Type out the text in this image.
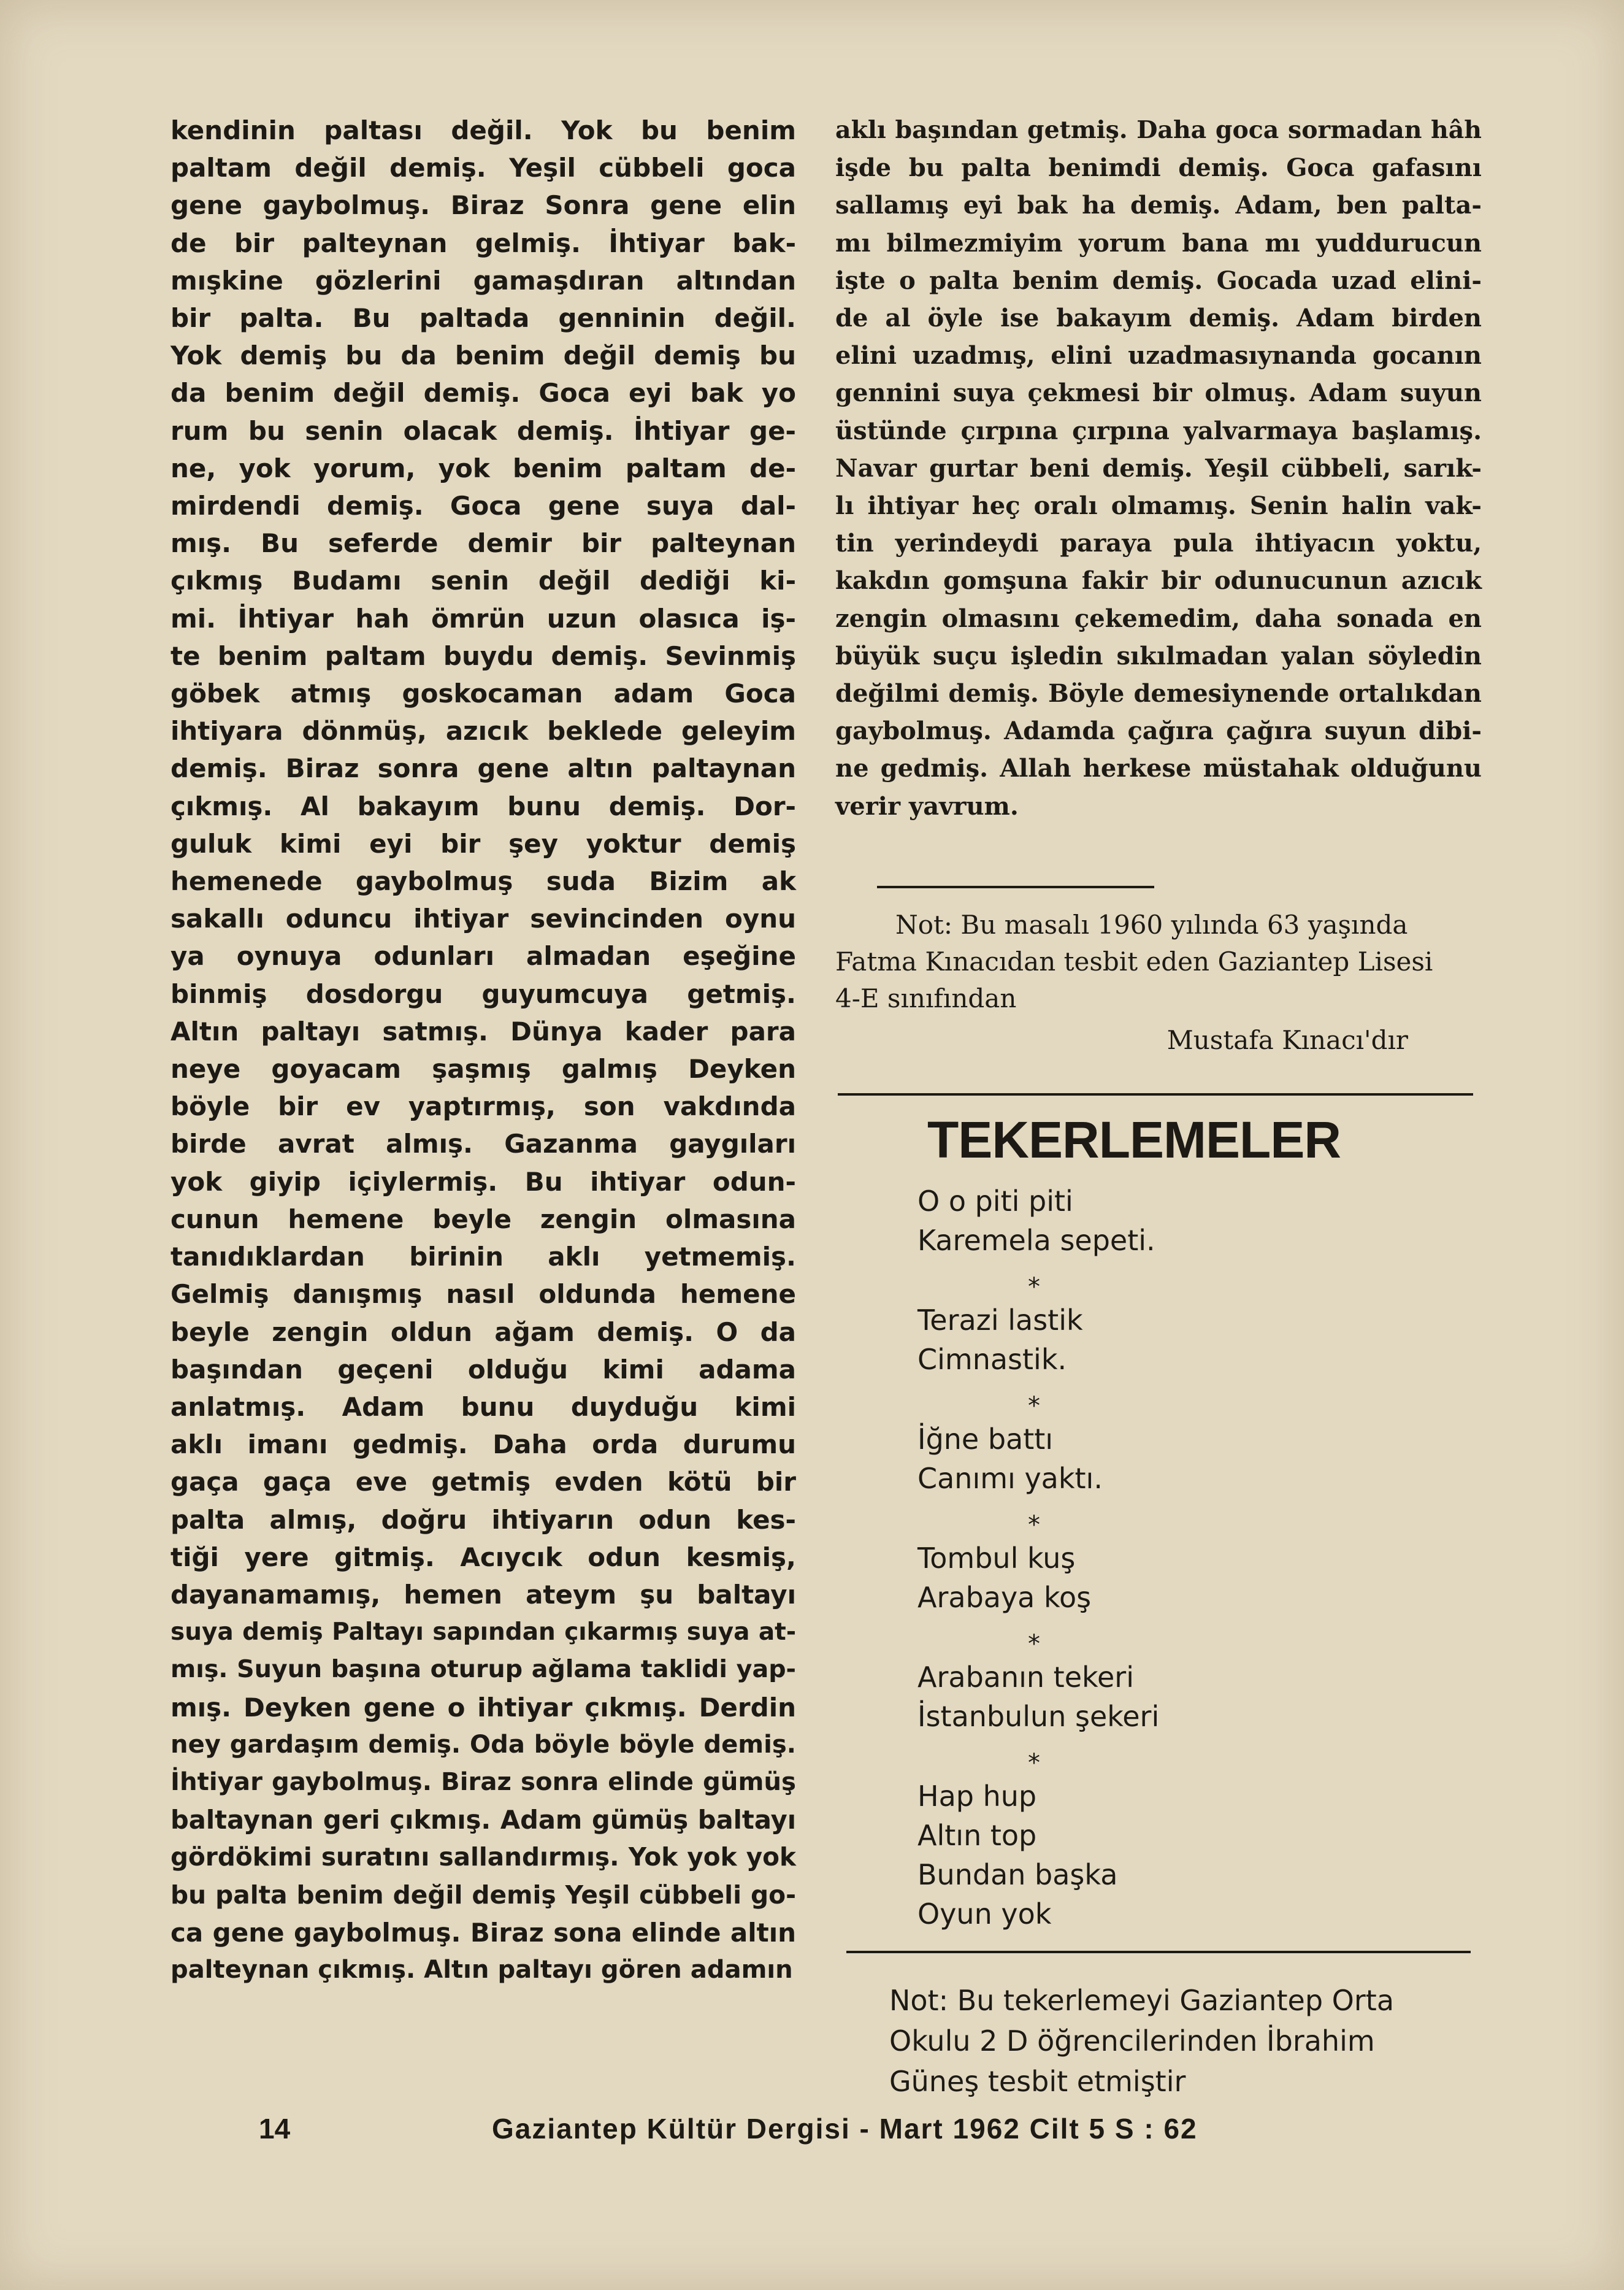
kendinin paltası değil. Yok bu benim
paltam değil demiş. Yeşil cübbeli goca
gene gaybolmuş. Biraz Sonra gene elin
de bir palteynan gelmiş. İhtiyar bak-
mışkine gözlerini gamaşdıran altından
bir palta. Bu paltada genninin değil.
Yok demiş bu da benim değil demiş bu
da benim değil demiş. Goca eyi bak yo
rum bu senin olacak demiş. İhtiyar ge-
ne, yok yorum, yok benim paltam de-
mirdendi demiş. Goca gene suya dal-
mış. Bu seferde demir bir palteynan
çıkmış Budamı senin değil dediği ki-
mi. İhtiyar hah ömrün uzun olasıca iş-
te benim paltam buydu demiş. Sevinmiş
göbek atmış goskocaman adam Goca
ihtiyara dönmüş, azıcık beklede geleyim
demiş. Biraz sonra gene altın paltaynan
çıkmış. Al bakayım bunu demiş. Dor-
guluk kimi eyi bir şey yoktur demiş
hemenede gaybolmuş suda Bizim ak
sakallı oduncu ihtiyar sevincinden oynu
ya oynuya odunları almadan eşeğine
binmiş dosdorgu guyumcuya getmiş.
Altın paltayı satmış. Dünya kader para
neye goyacam şaşmış galmış Deyken
böyle bir ev yaptırmış, son vakdında
birde avrat almış. Gazanma gaygıları
yok giyip içiylermiş. Bu ihtiyar odun-
cunun hemene beyle zengin olmasına
tanıdıklardan birinin aklı yetmemiş.
Gelmiş danışmış nasıl oldunda hemene
beyle zengin oldun ağam demiş. O da
başından geçeni olduğu kimi adama
anlatmış. Adam bunu duyduğu kimi
aklı imanı gedmiş. Daha orda durumu
gaça gaça eve getmiş evden kötü bir
palta almış, doğru ihtiyarın odun kes-
tiği yere gitmiş. Acıycık odun kesmiş,
dayanamamış, hemen ateym şu baltayı
suya demiş Paltayı sapından çıkarmış suya at-
mış. Suyun başına oturup ağlama taklidi yap-
mış. Deyken gene o ihtiyar çıkmış. Derdin
ney gardaşım demiş. Oda böyle böyle demiş.
İhtiyar gaybolmuş. Biraz sonra elinde gümüş
baltaynan geri çıkmış. Adam gümüş baltayı
gördökimi suratını sallandırmış. Yok yok yok
bu palta benim değil demiş Yeşil cübbeli go-
ca gene gaybolmuş. Biraz sona elinde altın
palteynan çıkmış. Altın paltayı gören adamın
aklı başından getmiş. Daha goca sormadan hâh
işde bu palta benimdi demiş. Goca gafasını
sallamış eyi bak ha demiş. Adam, ben palta-
mı bilmezmiyim yorum bana mı yuddurucun
işte o palta benim demiş. Gocada uzad elini-
de al öyle ise bakayım demiş. Adam birden
elini uzadmış, elini uzadmasıynanda gocanın
gennini suya çekmesi bir olmuş. Adam suyun
üstünde çırpına çırpına yalvarmaya başlamış.
Navar gurtar beni demiş. Yeşil cübbeli, sarık-
lı ihtiyar heç oralı olmamış. Senin halin vak-
tin yerindeydi paraya pula ihtiyacın yoktu,
kakdın gomşuna fakir bir odunucunun azıcık
zengin olmasını çekemedim, daha sonada en
büyük suçu işledin sıkılmadan yalan söyledin
değilmi demiş. Böyle demesiynende ortalıkdan
gaybolmuş. Adamda çağıra çağıra suyun dibi-
ne gedmiş. Allah herkese müstahak olduğunu
verir yavrum.
Not: Bu masalı 1960 yılında 63 yaşında
Fatma Kınacıdan tesbit eden Gaziantep Lisesi
4-E sınıfından
Mustafa Kınacı'dır
TEKERLEMELER
O o piti piti
Karemela sepeti.
*
Terazi lastik
Cimnastik.
*
İğne battı
Canımı yaktı.
*
Tombul kuş
Arabaya koş
*
Arabanın tekeri
İstanbulun şekeri
*
Hap hup
Altın top
Bundan başka
Oyun yok
Not: Bu tekerlemeyi Gaziantep Orta
Okulu 2 D öğrencilerinden İbrahim
Güneş tesbit etmiştir
14	Gaziantep Kültür Dergisi - Mart 1962 Cilt 5 S : 62
